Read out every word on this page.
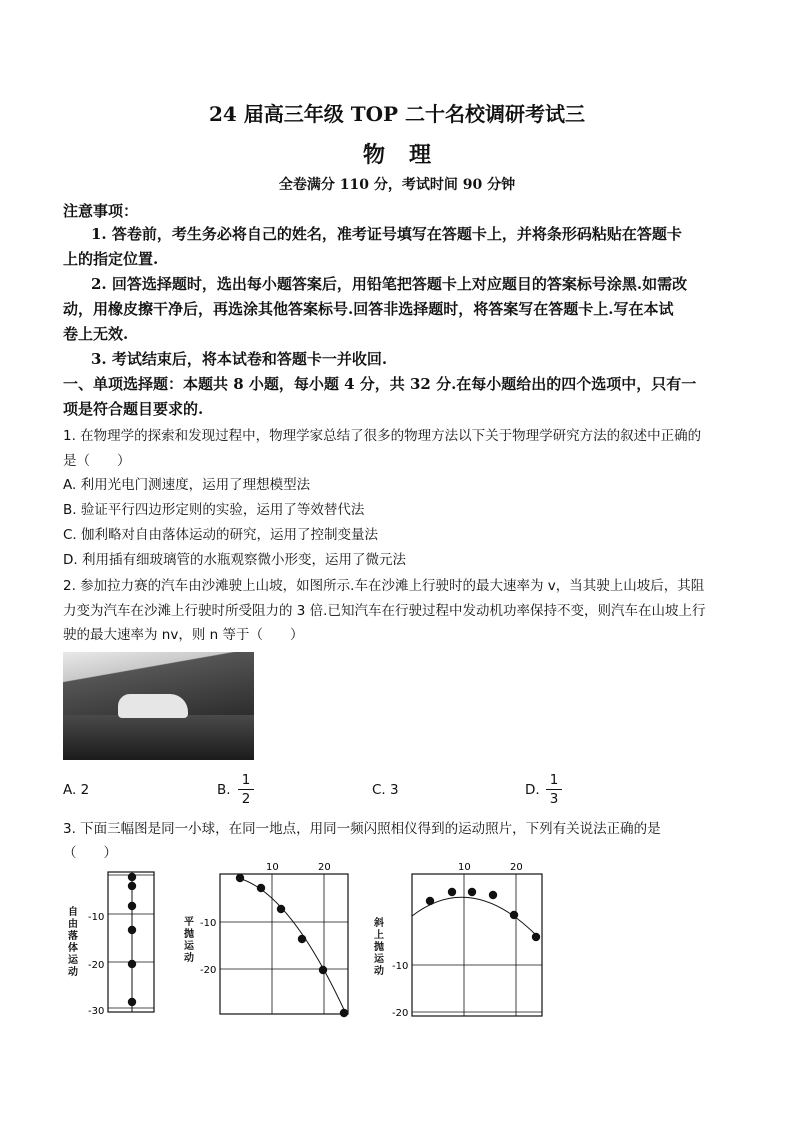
24 届高三年级 TOP 二十名校调研考试三
物理
全卷满分 110 分，考试时间 90 分钟
注意事项：
1. 答卷前，考生务必将自己的姓名，准考证号填写在答题卡上，并将条形码粘贴在答题卡
上的指定位置.
2. 回答选择题时，选出每小题答案后，用铅笔把答题卡上对应题目的答案标号涂黑.如需改
动，用橡皮擦干净后，再选涂其他答案标号.回答非选择题时，将答案写在答题卡上.写在本试
卷上无效.
3. 考试结束后，将本试卷和答题卡一并收回.
一、单项选择题：本题共 8 小题，每小题 4 分，共 32 分.在每小题给出的四个选项中，只有一
项是符合题目要求的.
1. 在物理学的探索和发现过程中，物理学家总结了很多的物理方法以下关于物理学研究方法的叙述中正确的
是（　　）
A. 利用光电门测速度，运用了理想模型法
B. 验证平行四边形定则的实验，运用了等效替代法
C. 伽利略对自由落体运动的研究，运用了控制变量法
D. 利用插有细玻璃管的水瓶观察微小形变，运用了微元法
2. 参加拉力赛的汽车由沙滩驶上山坡，如图所示.车在沙滩上行驶时的最大速率为 v，当其驶上山坡后，其阻
力变为汽车在沙滩上行驶时所受阻力的 3 倍.已知汽车在行驶过程中发动机功率保持不变，则汽车在山坡上行
驶的最大速率为 nv，则 n 等于（　　）
A. 2	B.
1
2
C. 3	D.
1
3
3. 下面三幅图是同一小球，在同一地点，用同一频闪照相仪得到的运动照片，下列有关说法正确的是
（　　）
-10
-20
-30
自由落体运动
10	20
-10
-20
平抛运动
10	20
-10
-20
斜上抛运动
